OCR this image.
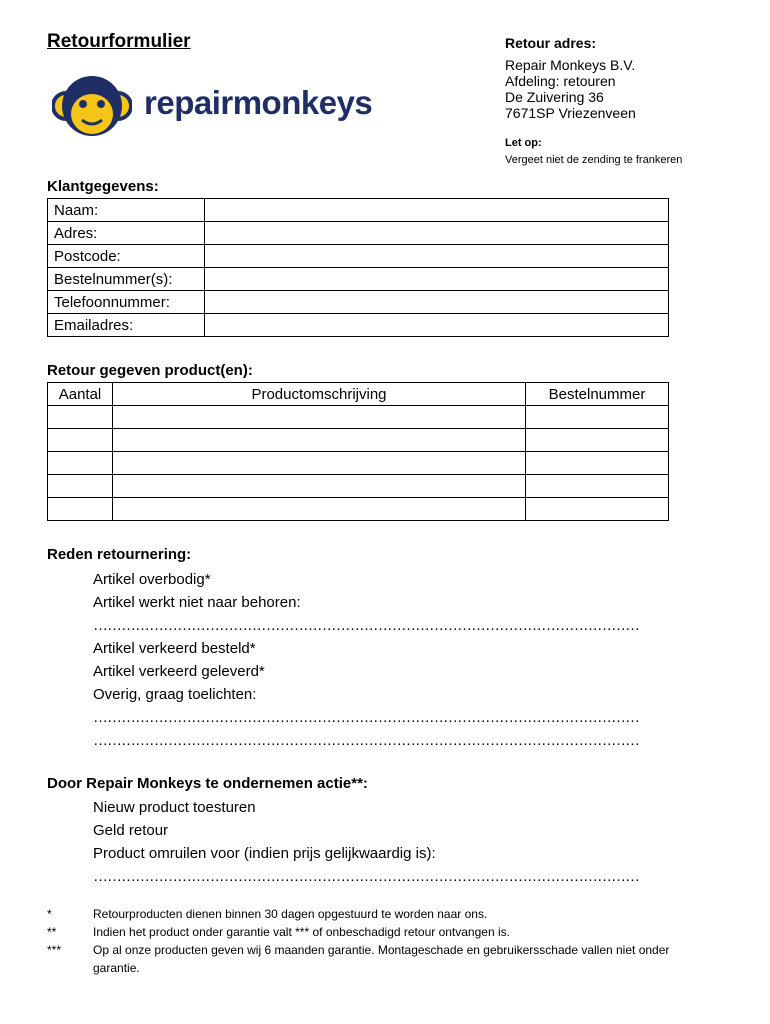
Retourformulier
repairmonkeys
Retour adres:
Repair Monkeys B.V.
Afdeling: retouren
De Zuivering 36
7671SP Vriezenveen
Let op:
Vergeet niet de zending te frankeren
Klantgegevens:
Naam:	
Adres:	
Postcode:	
Bestelnummer(s):	
Telefoonnummer:	
Emailadres:	
Retour gegeven product(en):
Aantal	Productomschrijving	Bestelnummer

Reden retournering:
Artikel overbodig*
Artikel werkt niet naar behoren:
………………………………………………………………………………………………………
Artikel verkeerd besteld*
Artikel verkeerd geleverd*
Overig, graag toelichten:
………………………………………………………………………………………………………
………………………………………………………………………………………………………
Door Repair Monkeys te ondernemen actie**:
Nieuw product toesturen
Geld retour
Product omruilen voor (indien prijs gelijkwaardig is):
………………………………………………………………………………………………………
*	Retourproducten dienen binnen 30 dagen opgestuurd te worden naar ons.
**	Indien het product onder garantie valt *** of onbeschadigd retour ontvangen is.
***	Op al onze producten geven wij 6 maanden garantie. Montageschade en gebruikersschade vallen niet onder garantie.
